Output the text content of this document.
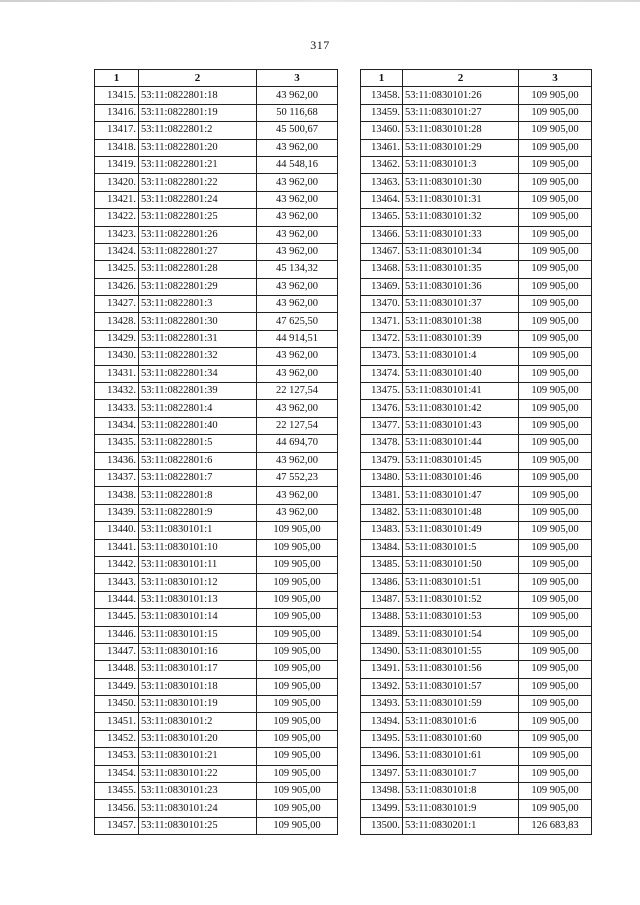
317
1	2	3
13415.	53:11:0822801:18	43 962,00
13416.	53:11:0822801:19	50 116,68
13417.	53:11:0822801:2	45 500,67
13418.	53:11:0822801:20	43 962,00
13419.	53:11:0822801:21	44 548,16
13420.	53:11:0822801:22	43 962,00
13421.	53:11:0822801:24	43 962,00
13422.	53:11:0822801:25	43 962,00
13423.	53:11:0822801:26	43 962,00
13424.	53:11:0822801:27	43 962,00
13425.	53:11:0822801:28	45 134,32
13426.	53:11:0822801:29	43 962,00
13427.	53:11:0822801:3	43 962,00
13428.	53:11:0822801:30	47 625,50
13429.	53:11:0822801:31	44 914,51
13430.	53:11:0822801:32	43 962,00
13431.	53:11:0822801:34	43 962,00
13432.	53:11:0822801:39	22 127,54
13433.	53:11:0822801:4	43 962,00
13434.	53:11:0822801:40	22 127,54
13435.	53:11:0822801:5	44 694,70
13436.	53:11:0822801:6	43 962,00
13437.	53:11:0822801:7	47 552,23
13438.	53:11:0822801:8	43 962,00
13439.	53:11:0822801:9	43 962,00
13440.	53:11:0830101:1	109 905,00
13441.	53:11:0830101:10	109 905,00
13442.	53:11:0830101:11	109 905,00
13443.	53:11:0830101:12	109 905,00
13444.	53:11:0830101:13	109 905,00
13445.	53:11:0830101:14	109 905,00
13446.	53:11:0830101:15	109 905,00
13447.	53:11:0830101:16	109 905,00
13448.	53:11:0830101:17	109 905,00
13449.	53:11:0830101:18	109 905,00
13450.	53:11:0830101:19	109 905,00
13451.	53:11:0830101:2	109 905,00
13452.	53:11:0830101:20	109 905,00
13453.	53:11:0830101:21	109 905,00
13454.	53:11:0830101:22	109 905,00
13455.	53:11:0830101:23	109 905,00
13456.	53:11:0830101:24	109 905,00
13457.	53:11:0830101:25	109 905,00
1	2	3
13458.	53:11:0830101:26	109 905,00
13459.	53:11:0830101:27	109 905,00
13460.	53:11:0830101:28	109 905,00
13461.	53:11:0830101:29	109 905,00
13462.	53:11:0830101:3	109 905,00
13463.	53:11:0830101:30	109 905,00
13464.	53:11:0830101:31	109 905,00
13465.	53:11:0830101:32	109 905,00
13466.	53:11:0830101:33	109 905,00
13467.	53:11:0830101:34	109 905,00
13468.	53:11:0830101:35	109 905,00
13469.	53:11:0830101:36	109 905,00
13470.	53:11:0830101:37	109 905,00
13471.	53:11:0830101:38	109 905,00
13472.	53:11:0830101:39	109 905,00
13473.	53:11:0830101:4	109 905,00
13474.	53:11:0830101:40	109 905,00
13475.	53:11:0830101:41	109 905,00
13476.	53:11:0830101:42	109 905,00
13477.	53:11:0830101:43	109 905,00
13478.	53:11:0830101:44	109 905,00
13479.	53:11:0830101:45	109 905,00
13480.	53:11:0830101:46	109 905,00
13481.	53:11:0830101:47	109 905,00
13482.	53:11:0830101:48	109 905,00
13483.	53:11:0830101:49	109 905,00
13484.	53:11:0830101:5	109 905,00
13485.	53:11:0830101:50	109 905,00
13486.	53:11:0830101:51	109 905,00
13487.	53:11:0830101:52	109 905,00
13488.	53:11:0830101:53	109 905,00
13489.	53:11:0830101:54	109 905,00
13490.	53:11:0830101:55	109 905,00
13491.	53:11:0830101:56	109 905,00
13492.	53:11:0830101:57	109 905,00
13493.	53:11:0830101:59	109 905,00
13494.	53:11:0830101:6	109 905,00
13495.	53:11:0830101:60	109 905,00
13496.	53:11:0830101:61	109 905,00
13497.	53:11:0830101:7	109 905,00
13498.	53:11:0830101:8	109 905,00
13499.	53:11:0830101:9	109 905,00
13500.	53:11:0830201:1	126 683,83
